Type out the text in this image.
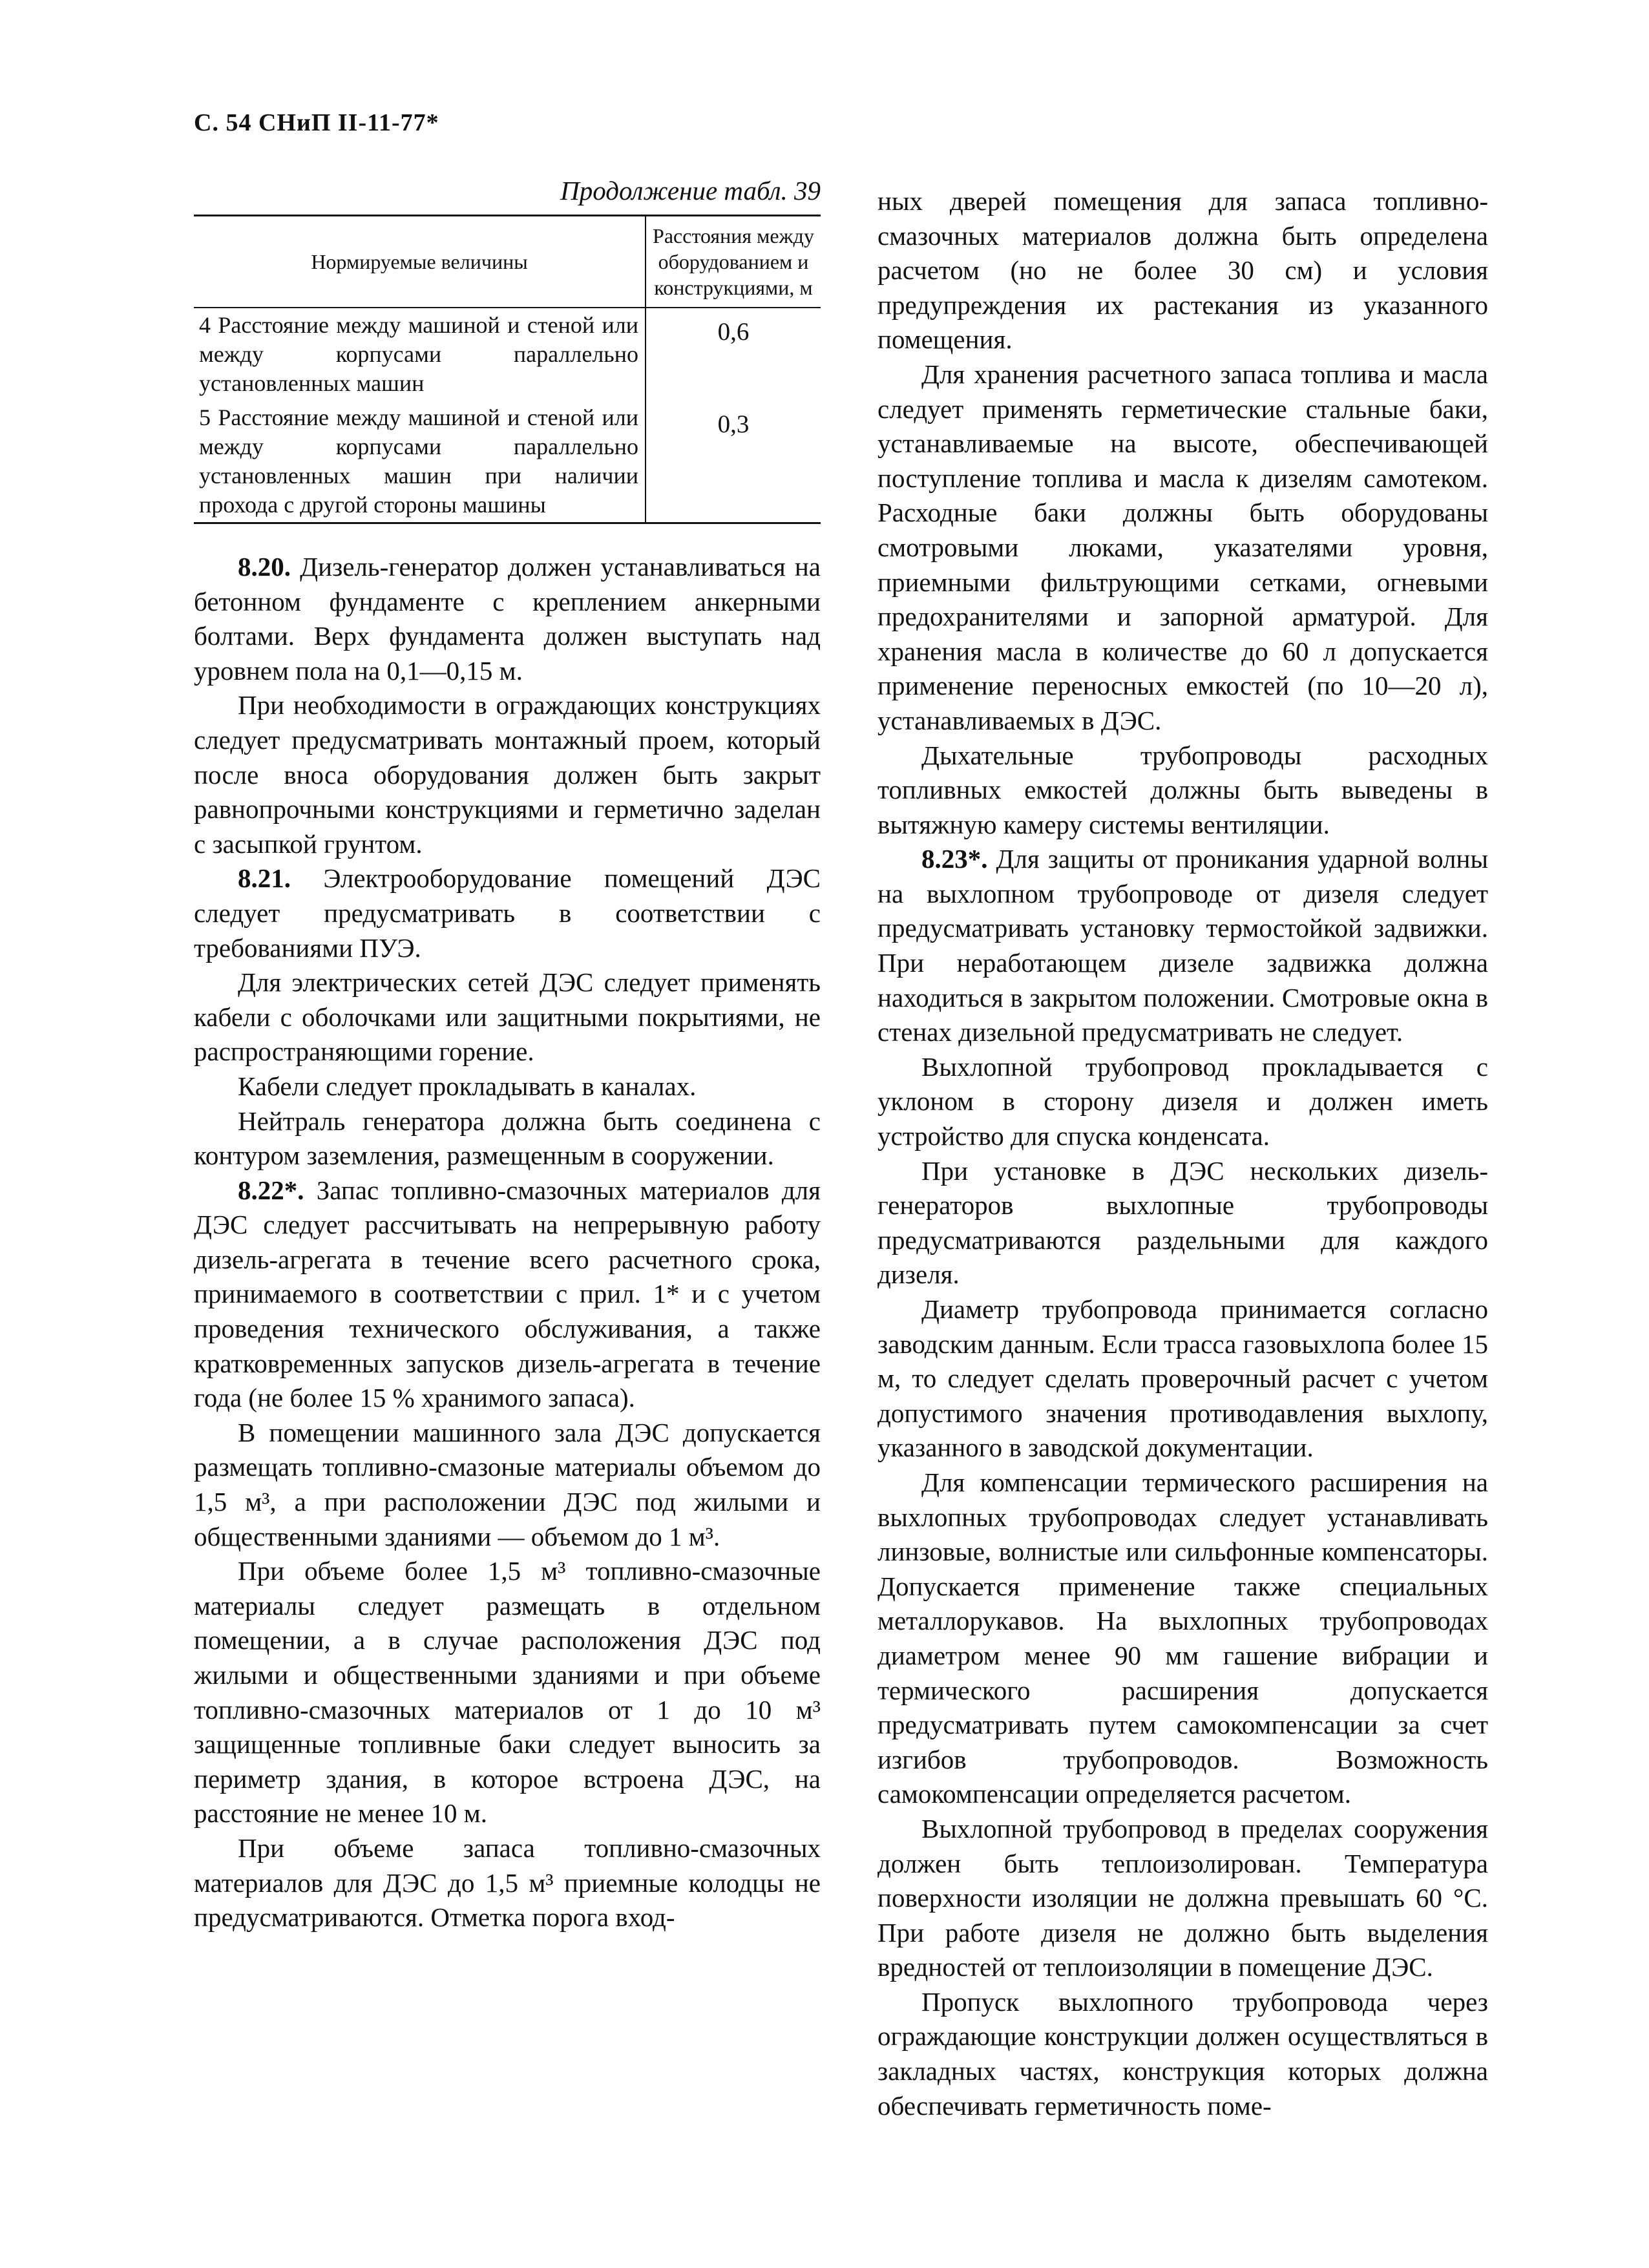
С. 54 СНиП II-11-77*
Продолжение табл. 39
Нормируемые величины	Расстояния между оборудованием и конструкциями, м
4 Расстояние между машиной и стеной или между корпусами параллельно установленных машин	0,6
5 Расстояние между машиной и стеной или между корпусами параллельно установленных машин при наличии прохода с другой стороны машины	0,3

8.20. Дизель-генератор должен устанавливаться на бетонном фундаменте с креплением анкерными болтами. Верх фундамента должен выступать над уровнем пола на 0,1—0,15 м.

При необходимости в ограждающих конструкциях следует предусматривать монтажный проем, который после вноса оборудования должен быть закрыт равнопрочными конструкциями и герметично заделан с засыпкой грунтом.

8.21. Электрооборудование помещений ДЭС следует предусматривать в соответствии с требованиями ПУЭ.

Для электрических сетей ДЭС следует применять кабели с оболочками или защитными покрытиями, не распространяющими горение.

Кабели следует прокладывать в каналах.

Нейтраль генератора должна быть соединена с контуром заземления, размещенным в сооружении.

8.22*. Запас топливно-смазочных материалов для ДЭС следует рассчитывать на непрерывную работу дизель-агрегата в течение всего расчетного срока, принимаемого в соответствии с прил. 1* и с учетом проведения технического обслуживания, а также кратковременных запусков дизель-агрегата в течение года (не более 15 % хранимого запаса).

В помещении машинного зала ДЭС допускается размещать топливно-смазоные материалы объемом до 1,5 м³, а при расположении ДЭС под жилыми и общественными зданиями — объемом до 1 м³.

При объеме более 1,5 м³ топливно-смазочные материалы следует размещать в отдельном помещении, а в случае расположения ДЭС под жилыми и общественными зданиями и при объеме топливно-смазочных материалов от 1 до 10 м³ защищенные топливные баки следует выносить за периметр здания, в которое встроена ДЭС, на расстояние не менее 10 м.

При объеме запаса топливно-смазочных материалов для ДЭС до 1,5 м³ приемные колодцы не предусматриваются. Отметка порога вход-

ных дверей помещения для запаса топливно-смазочных материалов должна быть определена расчетом (но не более 30 см) и условия предупреждения их растекания из указанного помещения.

Для хранения расчетного запаса топлива и масла следует применять герметические стальные баки, устанавливаемые на высоте, обеспечивающей поступление топлива и масла к дизелям самотеком. Расходные баки должны быть оборудованы смотровыми люками, указателями уровня, приемными фильтрующими сетками, огневыми предохранителями и запорной арматурой. Для хранения масла в количестве до 60 л допускается применение переносных емкостей (по 10—20 л), устанавливаемых в ДЭС.

Дыхательные трубопроводы расходных топливных емкостей должны быть выведены в вытяжную камеру системы вентиляции.

8.23*. Для защиты от проникания ударной волны на выхлопном трубопроводе от дизеля следует предусматривать установку термостойкой задвижки. При неработающем дизеле задвижка должна находиться в закрытом положении. Смотровые окна в стенах дизельной предусматривать не следует.

Выхлопной трубопровод прокладывается с уклоном в сторону дизеля и должен иметь устройство для спуска конденсата.

При установке в ДЭС нескольких дизель-генераторов выхлопные трубопроводы предусматриваются раздельными для каждого дизеля.

Диаметр трубопровода принимается согласно заводским данным. Если трасса газовыхлопа более 15 м, то следует сделать проверочный расчет с учетом допустимого значения противодавления выхлопу, указанного в заводской документации.

Для компенсации термического расширения на выхлопных трубопроводах следует устанавливать линзовые, волнистые или сильфонные компенсаторы. Допускается применение также специальных металлорукавов. На выхлопных трубопроводах диаметром менее 90 мм гашение вибрации и термического расширения допускается предусматривать путем самокомпенсации за счет изгибов трубопроводов. Возможность самокомпенсации определяется расчетом.

Выхлопной трубопровод в пределах сооружения должен быть теплоизолирован. Температура поверхности изоляции не должна превышать 60 °С. При работе дизеля не должно быть выделения вредностей от теплоизоляции в помещение ДЭС.

Пропуск выхлопного трубопровода через ограждающие конструкции должен осуществляться в закладных частях, конструкция которых должна обеспечивать герметичность поме-
